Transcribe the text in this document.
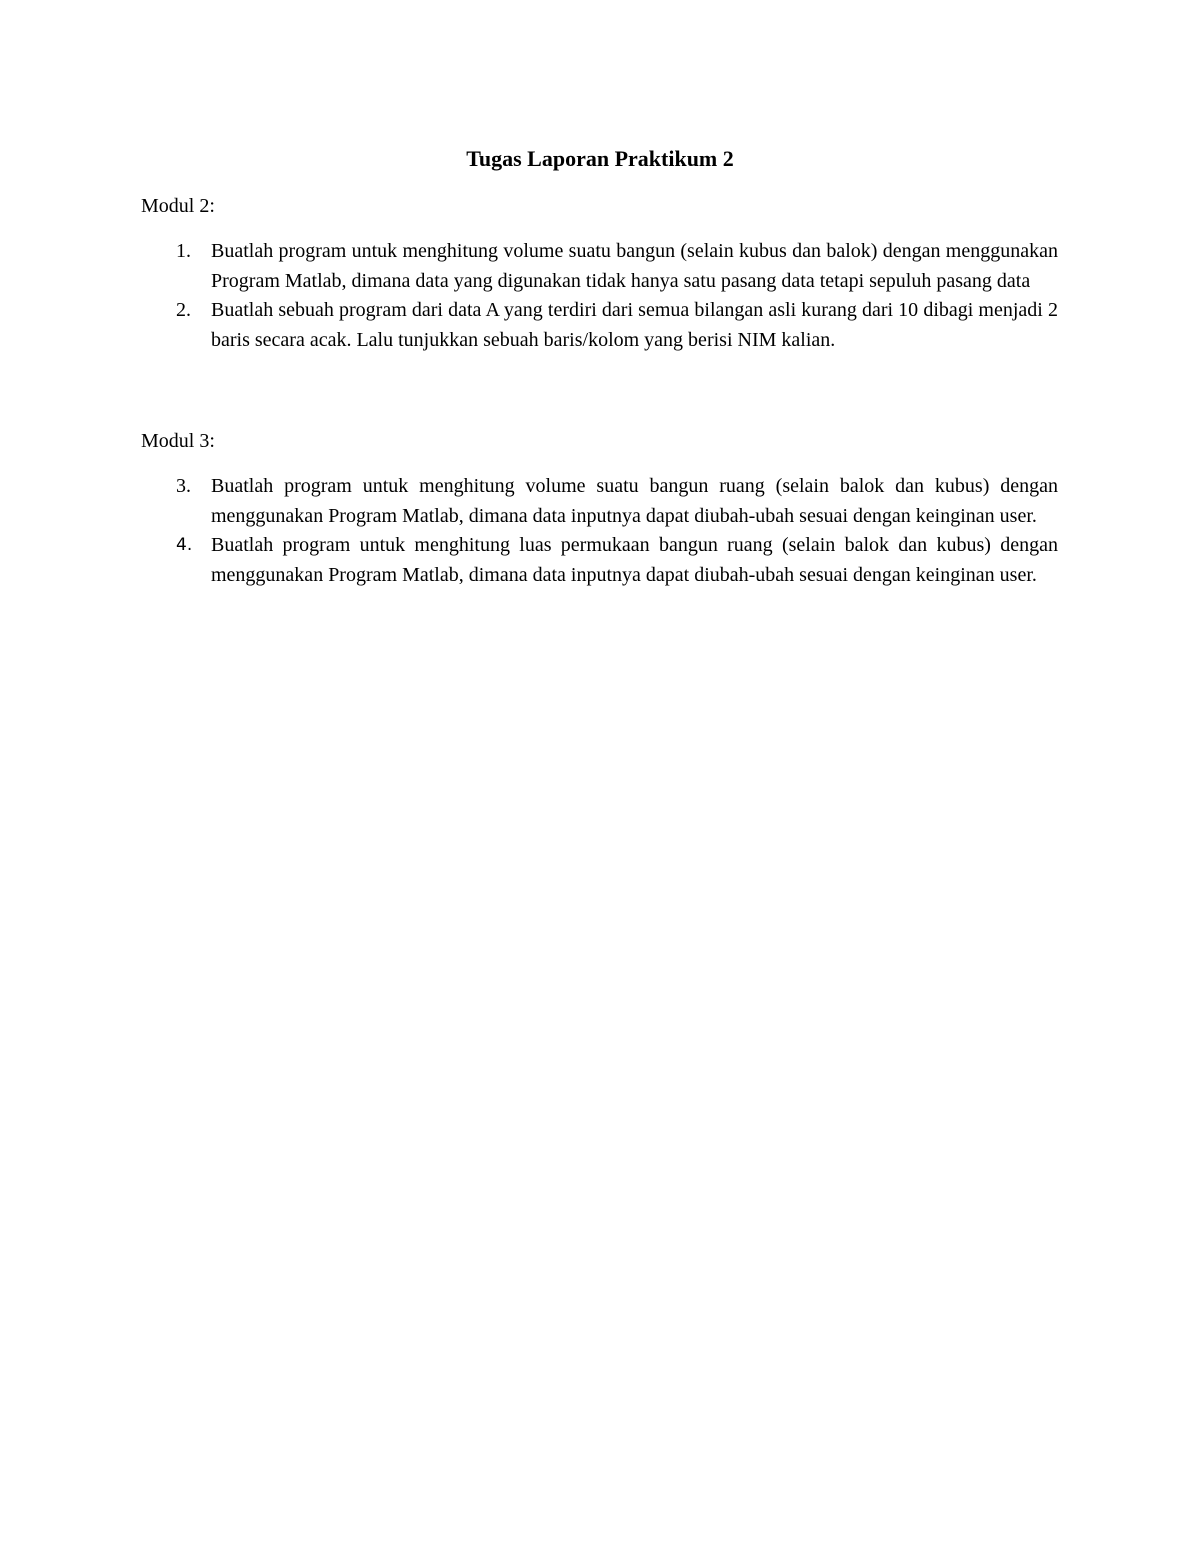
Tugas Laporan Praktikum 2

Modul 2:

1. Buatlah program untuk menghitung volume suatu bangun (selain kubus dan balok) dengan menggunakan Program Matlab, dimana data yang digunakan tidak hanya satu pasang data tetapi sepuluh pasang data
2. Buatlah sebuah program dari data A yang terdiri dari semua bilangan asli kurang dari 10 dibagi menjadi 2 baris secara acak. Lalu tunjukkan sebuah baris/kolom yang berisi NIM kalian.

Modul 3:

3. Buatlah program untuk menghitung volume suatu bangun ruang (selain balok dan kubus) dengan menggunakan Program Matlab, dimana data inputnya dapat diubah-ubah sesuai dengan keinginan user.
4. Buatlah program untuk menghitung luas permukaan bangun ruang (selain balok dan kubus) dengan menggunakan Program Matlab, dimana data inputnya dapat diubah-ubah sesuai dengan keinginan user.
